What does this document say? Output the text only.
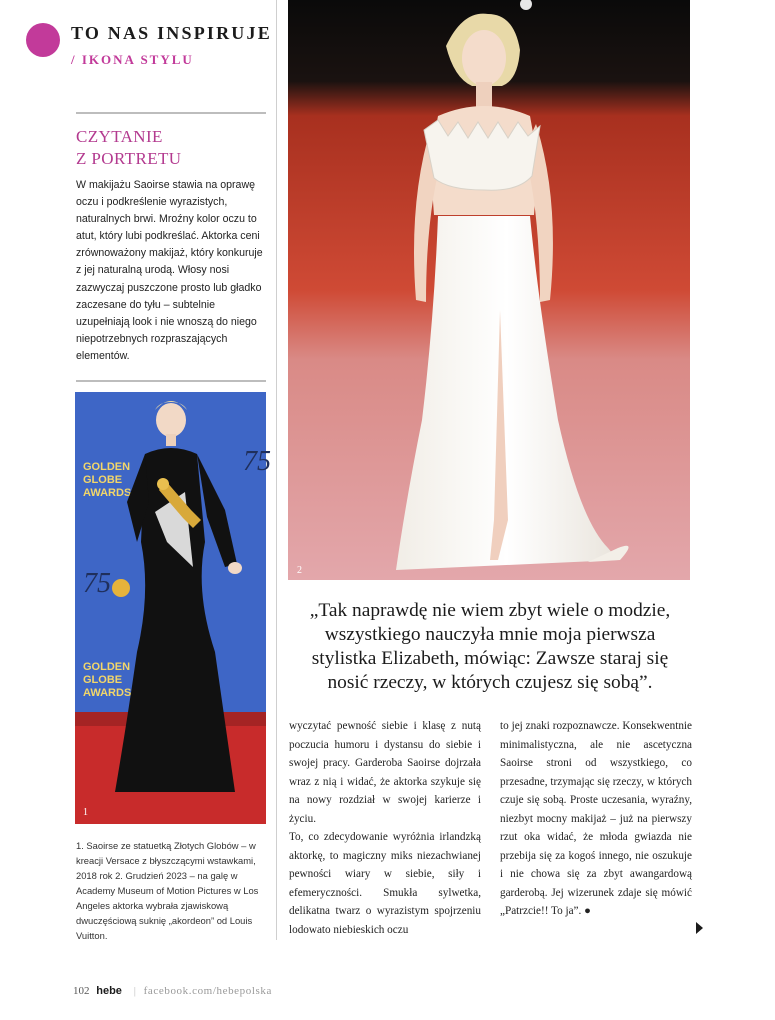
TO NAS INSPIRUJE
/ IKONA STYLU
CZYTANIE
Z PORTRETU
W makijażu Saoirse stawia na oprawę oczu i podkreślenie wyrazistych, naturalnych brwi. Mroźny kolor oczu to atut, który lubi podkreślać. Aktorka ceni zrównoważony makijaż, który konkuruje z jej naturalną urodą. Włosy nosi zazwyczaj puszczone prosto lub gładko zaczesane do tyłu – subtelnie uzupełniają look i nie wnoszą do niego niepotrzebnych rozpraszających elementów.
GOLDEN
GLOBE
AWARDS
75
GOLDEN
GLOBE
AWARDS
75
1
2
1. Saoirse ze statuetką Złotych Globów – w kreacji Versace z błyszczącymi wstawkami, 2018 rok 2. Grudzień 2023 – na galę w Academy Museum of Motion Pictures w Los Angeles aktorka wybrała zjawiskową dwuczęściową suknię „akordeon” od Louis Vuitton.
„Tak naprawdę nie wiem zbyt wiele o modzie, wszystkiego nauczyła mnie moja pierwsza stylistka Elizabeth, mówiąc: Zawsze staraj się nosić rzeczy, w których czujesz się sobą”.

wyczytać pewność siebie i klasę z nutą poczucia humoru i dystansu do siebie i swojej pracy. Garderoba Saoirse dojrzała wraz z nią i widać, że aktorka szykuje się na nowy rozdział w swojej karierze i życiu.

To, co zdecydowanie wyróżnia irlandzką aktorkę, to magiczny miks niezachwianej pewności wiary w siebie, siły i efemeryczności. Smukła sylwetka, delikatna twarz o wyrazistym spojrzeniu lodowato niebieskich oczu

to jej znaki rozpoznawcze. Konsekwentnie minimalistyczna, ale nie ascetyczna Saoirse stroni od wszystkiego, co przesadne, trzymając się rzeczy, w których czuje się sobą. Proste uczesania, wyraźny, niezbyt mocny makijaż – już na pierwszy rzut oka widać, że młoda gwiazda nie przebija się za kogoś innego, nie oszukuje i nie chowa się za zbyt awangardową garderobą. Jej wizerunek zdaje się mówić „Patrzcie!! To ja”. ●

102 hebe | facebook.com/hebepolska
